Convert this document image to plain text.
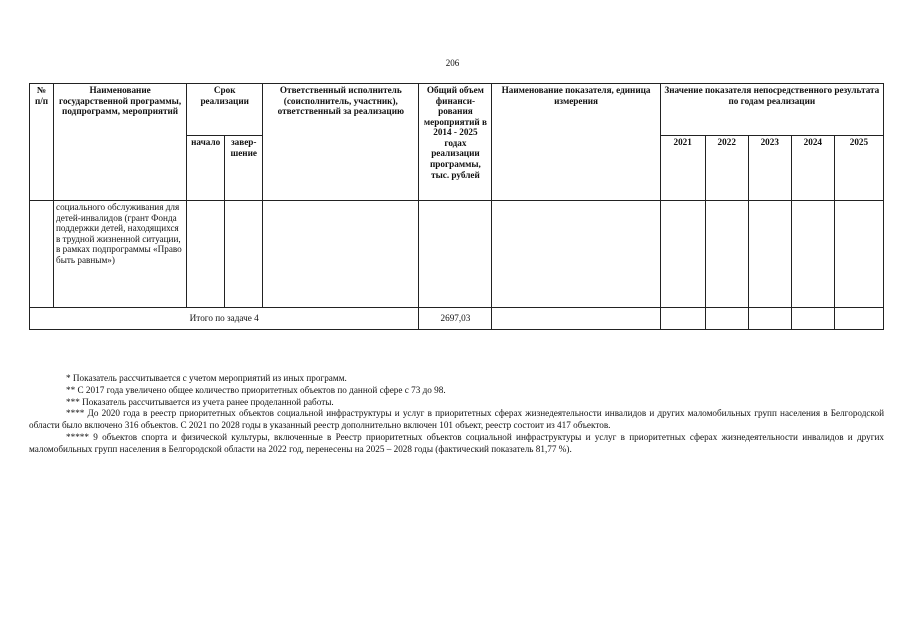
206
№ п/п	Наименование государственной программы, подпрограмм, мероприятий	Срок реализации		Ответственный исполнитель (соисполнитель, участник), ответственный за реализацию	Общий объем финанси-рования мероприятий в 2014 - 2025 годах реализации программы, тыс. рублей	Наименование показателя, единица измерения	Значение показателя непосредственного результата по годам реализации				
		начало	завер-шение				2021	2022	2023	2024	2025
	социального обслуживания для детей-инвалидов (грант Фонда поддержки детей, находящихся в трудной жизненной ситуации, в рамках подпрограммы «Право быть равным»)										
Итого по задаче 4					2697,03						

* Показатель рассчитывается с учетом мероприятий из иных программ.

** С 2017 года увеличено общее количество приоритетных объектов по данной сфере с 73 до 98.

*** Показатель рассчитывается из учета ранее проделанной работы.

**** До 2020 года в реестр приоритетных объектов социальной инфраструктуры и услуг в приоритетных сферах жизнедеятельности инвалидов и других маломобильных групп населения в Белгородской области было включено 316 объектов. С 2021 по 2028 годы в указанный реестр дополнительно включен 101 объект, реестр состоит из 417 объектов.

***** 9 объектов спорта и физической культуры, включенные в Реестр приоритетных объектов социальной инфраструктуры и услуг в приоритетных сферах жизнедеятельности инвалидов и других маломобильных групп населения в Белгородской области на 2022 год, перенесены на 2025 – 2028 годы (фактический показатель 81,77 %).
